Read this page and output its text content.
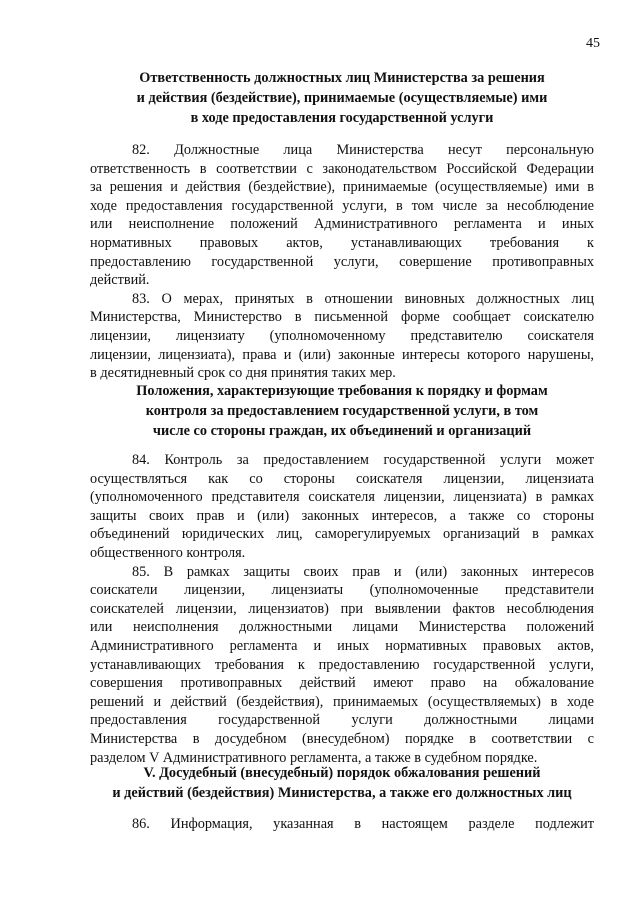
45
Ответственность должностных лиц Министерства за решения
и действия (бездействие), принимаемые (осуществляемые) ими
в ходе предоставления государственной услуги
82. Должностные лица Министерства несут персональную
ответственность в соответствии с законодательством Российской Федерации
за решения и действия (бездействие), принимаемые (осуществляемые) ими в
ходе предоставления государственной услуги, в том числе за несоблюдение
или неисполнение положений Административного регламента и иных
нормативных правовых актов, устанавливающих требования к
предоставлению государственной услуги, совершение противоправных
действий.
83. О мерах, принятых в отношении виновных должностных лиц
Министерства, Министерство в письменной форме сообщает соискателю
лицензии, лицензиату (уполномоченному представителю соискателя
лицензии, лицензиата), права и (или) законные интересы которого нарушены,
в десятидневный срок со дня принятия таких мер.
Положения, характеризующие требования к порядку и формам
контроля за предоставлением государственной услуги, в том
числе со стороны граждан, их объединений и организаций
84. Контроль за предоставлением государственной услуги может
осуществляться как со стороны соискателя лицензии, лицензиата
(уполномоченного представителя соискателя лицензии, лицензиата) в рамках
защиты своих прав и (или) законных интересов, а также со стороны
объединений юридических лиц, саморегулируемых организаций в рамках
общественного контроля.
85. В рамках защиты своих прав и (или) законных интересов
соискатели лицензии, лицензиаты (уполномоченные представители
соискателей лицензии, лицензиатов) при выявлении фактов несоблюдения
или неисполнения должностными лицами Министерства положений
Административного регламента и иных нормативных правовых актов,
устанавливающих требования к предоставлению государственной услуги,
совершения противоправных действий имеют право на обжалование
решений и действий (бездействия), принимаемых (осуществляемых) в ходе
предоставления государственной услуги должностными лицами
Министерства в досудебном (внесудебном) порядке в соответствии с
разделом V Административного регламента, а также в судебном порядке.
V. Досудебный (внесудебный) порядок обжалования решений
и действий (бездействия) Министерства, а также его должностных лиц
86. Информация, указанная в настоящем разделе подлежит
